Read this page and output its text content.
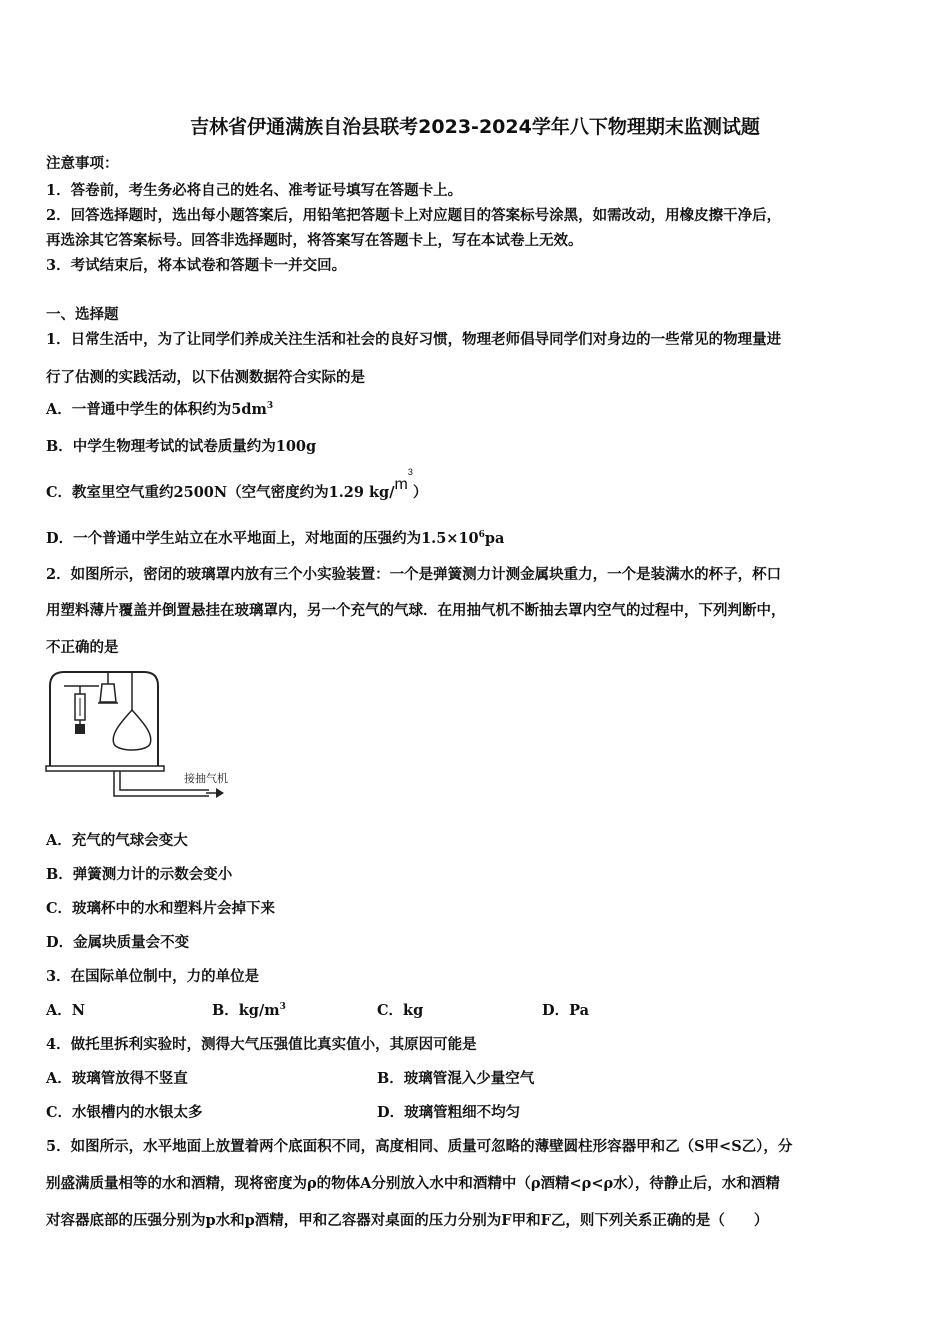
吉林省伊通满族自治县联考2023-2024学年八下物理期末监测试题
注意事项：
1．答卷前，考生务必将自己的姓名、准考证号填写在答题卡上。
2．回答选择题时，选出每小题答案后，用铅笔把答题卡上对应题目的答案标号涂黑，如需改动，用橡皮擦干净后，
再选涂其它答案标号。回答非选择题时，将答案写在答题卡上，写在本试卷上无效。
3．考试结束后，将本试卷和答题卡一并交回。
一、选择题
1．日常生活中，为了让同学们养成关注生活和社会的良好习惯，物理老师倡导同学们对身边的一些常见的物理量进
行了估测的实践活动，以下估测数据符合实际的是
A．一普通中学生的体积约为$5dm^3$
B．中学生物理考试的试卷质量约为100g
C．教室里空气重约2500N（空气密度约为1.29 $kg/m^3$）
D．一个普通中学生站立在水平地面上，对地面的压强约为$1.5\times 10^6pa$
2．如图所示，密闭的玻璃罩内放有三个小实验装置：一个是弹簧测力计测金属块重力，一个是装满水的杯子，杯口
用塑料薄片覆盖并倒置悬挂在玻璃罩内，另一个充气的气球．在用抽气机不断抽去罩内空气的过程中，下列判断中，
不正确的是
接抽气机
A．充气的气球会变大
B．弹簧测力计的示数会变小
C．玻璃杯中的水和塑料片会掉下来
D．金属块质量会不变
3．在国际单位制中，力的单位是
A．N	B．$kg/m^3$	C．kg	D．Pa
4．做托里拆利实验时，测得大气压强值比真实值小，其原因可能是
A．玻璃管放得不竖直	B．玻璃管混入少量空气
C．水银槽内的水银太多	D．玻璃管粗细不均匀
5．如图所示，水平地面上放置着两个底面积不同，高度相同、质量可忽略的薄壁圆柱形容器甲和乙（S甲<S乙），分
别盛满质量相等的水和酒精，现将密度为ρ的物体A分别放入水中和酒精中（ρ酒精<ρ<ρ水），待静止后，水和酒精
对容器底部的压强分别为p水和p酒精，甲和乙容器对桌面的压力分别为F甲和F乙，则下列关系正确的是（　　）
